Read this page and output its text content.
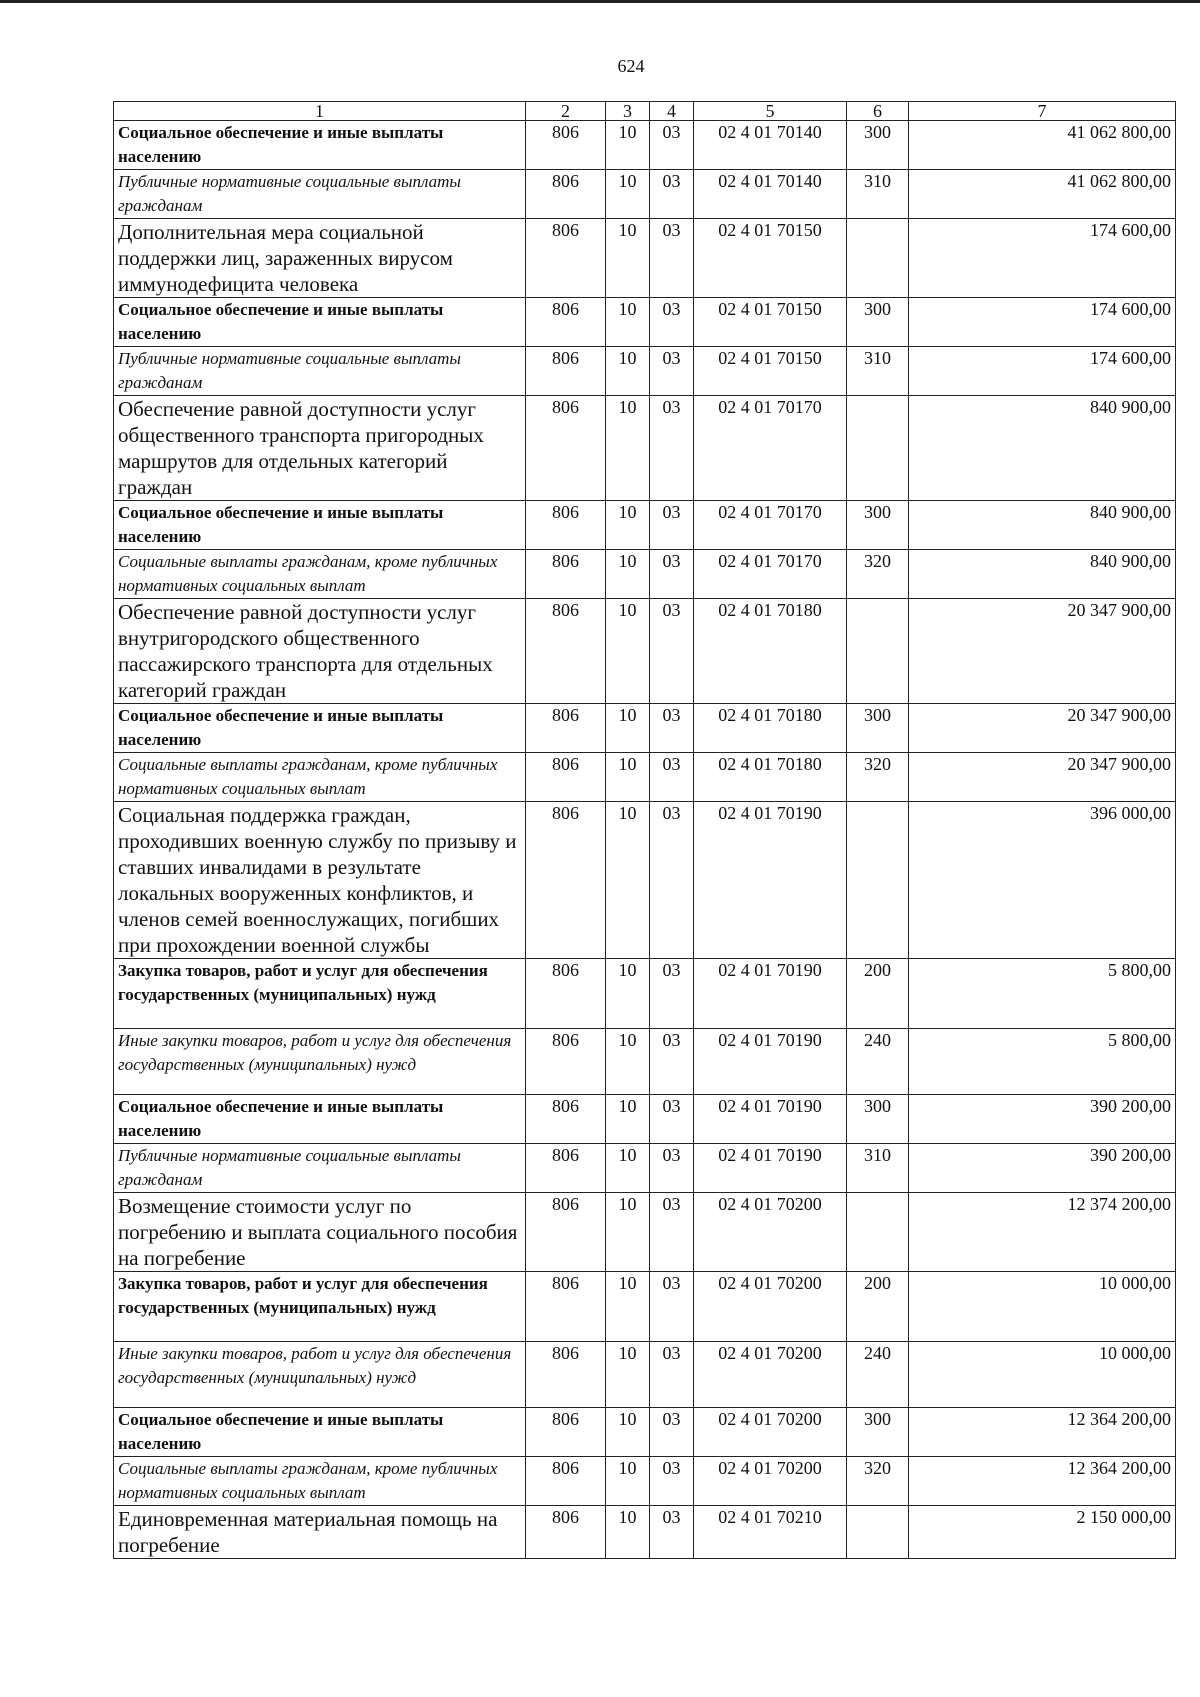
624
1	2	3	4	5	6	7
Социальное обеспечение и иные выплаты населению	806	10	03	02 4 01 70140	300	41 062 800,00
Публичные нормативные социальные выплаты гражданам	806	10	03	02 4 01 70140	310	41 062 800,00
Дополнительная мера социальной поддержки лиц, зараженных вирусом иммунодефицита человека	806	10	03	02 4 01 70150		174 600,00
Социальное обеспечение и иные выплаты населению	806	10	03	02 4 01 70150	300	174 600,00
Публичные нормативные социальные выплаты гражданам	806	10	03	02 4 01 70150	310	174 600,00
Обеспечение равной доступности услуг общественного транспорта пригородных маршрутов для отдельных категорий граждан	806	10	03	02 4 01 70170		840 900,00
Социальное обеспечение и иные выплаты населению	806	10	03	02 4 01 70170	300	840 900,00
Социальные выплаты гражданам, кроме публичных нормативных социальных выплат	806	10	03	02 4 01 70170	320	840 900,00
Обеспечение равной доступности услуг внутригородского общественного пассажирского транспорта для отдельных категорий граждан	806	10	03	02 4 01 70180		20 347 900,00
Социальное обеспечение и иные выплаты населению	806	10	03	02 4 01 70180	300	20 347 900,00
Социальные выплаты гражданам, кроме публичных нормативных социальных выплат	806	10	03	02 4 01 70180	320	20 347 900,00
Социальная поддержка граждан, проходивших военную службу по призыву и ставших инвалидами в результате локальных вооруженных конфликтов, и членов семей военнослужащих, погибших при прохождении военной службы	806	10	03	02 4 01 70190		396 000,00
Закупка товаров, работ и услуг для обеспечения государственных (муниципальных) нужд	806	10	03	02 4 01 70190	200	5 800,00
Иные закупки товаров, работ и услуг для обеспечения государственных (муниципальных) нужд	806	10	03	02 4 01 70190	240	5 800,00
Социальное обеспечение и иные выплаты населению	806	10	03	02 4 01 70190	300	390 200,00
Публичные нормативные социальные выплаты гражданам	806	10	03	02 4 01 70190	310	390 200,00
Возмещение стоимости услуг по погребению и выплата социального пособия на погребение	806	10	03	02 4 01 70200		12 374 200,00
Закупка товаров, работ и услуг для обеспечения государственных (муниципальных) нужд	806	10	03	02 4 01 70200	200	10 000,00
Иные закупки товаров, работ и услуг для обеспечения государственных (муниципальных) нужд	806	10	03	02 4 01 70200	240	10 000,00
Социальное обеспечение и иные выплаты населению	806	10	03	02 4 01 70200	300	12 364 200,00
Социальные выплаты гражданам, кроме публичных нормативных социальных выплат	806	10	03	02 4 01 70200	320	12 364 200,00
Единовременная материальная помощь на погребение	806	10	03	02 4 01 70210		2 150 000,00
